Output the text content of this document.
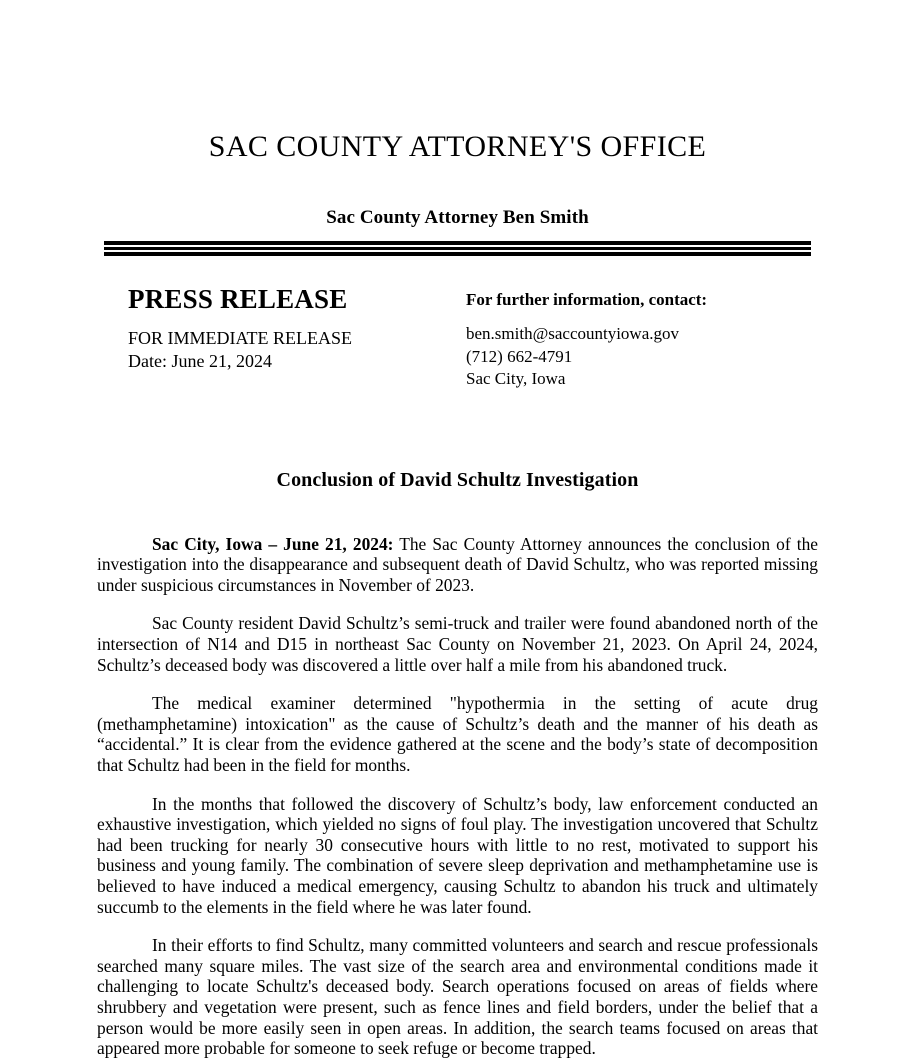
SAC COUNTY ATTORNEY'S OFFICE
Sac County Attorney Ben Smith
PRESS RELEASE
FOR IMMEDIATE RELEASE
Date: June 21, 2024
For further information, contact:
ben.smith@saccountyiowa.gov
(712) 662-4791
Sac City, Iowa
Conclusion of David Schultz Investigation

Sac City, Iowa – June 21, 2024: The Sac County Attorney announces the conclusion of the investigation into the disappearance and subsequent death of David Schultz, who was reported missing under suspicious circumstances in November of 2023.

Sac County resident David Schultz’s semi-truck and trailer were found abandoned north of the intersection of N14 and D15 in northeast Sac County on November 21, 2023. On April 24, 2024, Schultz’s deceased body was discovered a little over half a mile from his abandoned truck.

The medical examiner determined "hypothermia in the setting of acute drug (methamphetamine) intoxication" as the cause of Schultz’s death and the manner of his death as “accidental.” It is clear from the evidence gathered at the scene and the body’s state of decomposition that Schultz had been in the field for months.

In the months that followed the discovery of Schultz’s body, law enforcement conducted an exhaustive investigation, which yielded no signs of foul play. The investigation uncovered that Schultz had been trucking for nearly 30 consecutive hours with little to no rest, motivated to support his business and young family. The combination of severe sleep deprivation and methamphetamine use is believed to have induced a medical emergency, causing Schultz to abandon his truck and ultimately succumb to the elements in the field where he was later found.

In their efforts to find Schultz, many committed volunteers and search and rescue professionals searched many square miles. The vast size of the search area and environmental conditions made it challenging to locate Schultz's deceased body. Search operations focused on areas of fields where shrubbery and vegetation were present, such as fence lines and field borders, under the belief that a person would be more easily seen in open areas. In addition, the search teams focused on areas that appeared more probable for someone to seek refuge or become trapped.
